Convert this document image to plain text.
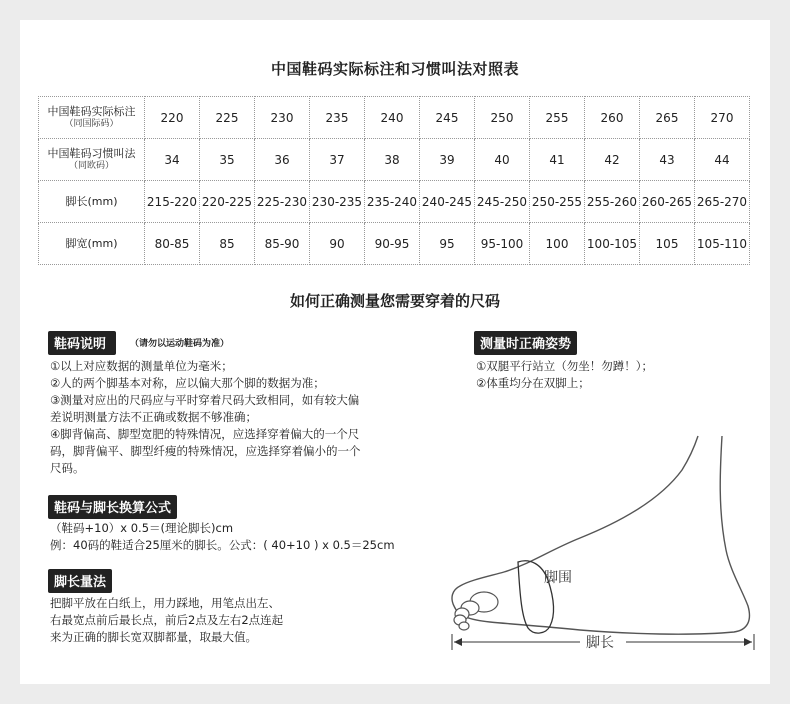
中国鞋码实际标注和习惯叫法对照表
中国鞋码实际标注
（同国际码）	220	225	230	235	240	245	250	255	260	265	270
中国鞋码习惯叫法
（同欧码）	34	35	36	37	38	39	40	41	42	43	44
脚长(mm)	215-220	220-225	225-230	230-235	235-240	240-245	245-250	250-255	255-260	260-265	265-270
脚宽(mm)	80-85	85	85-90	90	90-95	95	95-100	100	100-105	105	105-110
如何正确测量您需要穿着的尺码
鞋码说明	（请勿以运动鞋码为准）

①以上对应数据的测量单位为毫米；

②人的两个脚基本对称，应以偏大那个脚的数据为准；

③测量对应出的尺码应与平时穿着尺码大致相同，如有较大偏

差说明测量方法不正确或数据不够准确；

④脚背偏高、脚型宽肥的特殊情况，应选择穿着偏大的一个尺

码，脚背偏平、脚型纤瘦的特殊情况，应选择穿着偏小的一个

尺码。

鞋码与脚长换算公式

（鞋码+10）x 0.5＝(理论脚长)cm

例：40码的鞋适合25厘米的脚长。公式：( 40+10 ) x 0.5＝25cm

脚长量法

把脚平放在白纸上，用力踩地，用笔点出左、

右最宽点前后最长点，前后2点及左右2点连起

来为正确的脚长宽双脚都量，取最大值。

测量时正确姿势

①双腿平行站立（勿坐！勿蹲！）；

②体重均分在双脚上；

脚围
脚长
